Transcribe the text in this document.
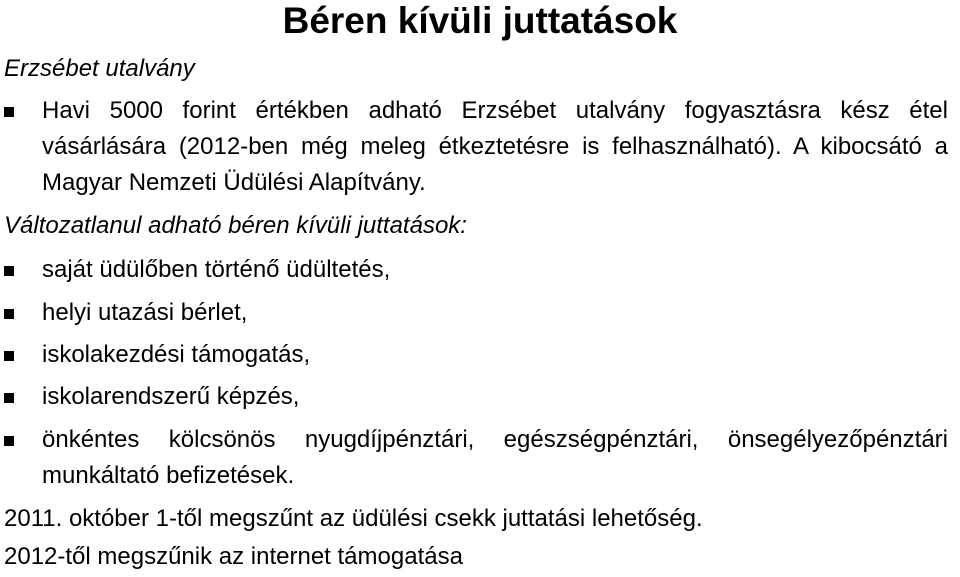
Béren kívüli juttatások
Erzsébet utalvány
Havi 5000 forint értékben adható Erzsébet utalvány fogyasztásra kész étel vásárlására (2012-ben még meleg étkeztetésre is felhasználható). A kibocsátó a Magyar Nemzeti Üdülési Alapítvány.
Változatlanul adható béren kívüli juttatások:
saját üdülőben történő üdültetés,
helyi utazási bérlet,
iskolakezdési támogatás,
iskolarendszerű képzés,
önkéntes kölcsönös nyugdíjpénztári, egészségpénztári, önsegélyezőpénztári munkáltató befizetések.
2011. október 1-től megszűnt az üdülési csekk juttatási lehetőség.
2012-től megszűnik az internet támogatása
